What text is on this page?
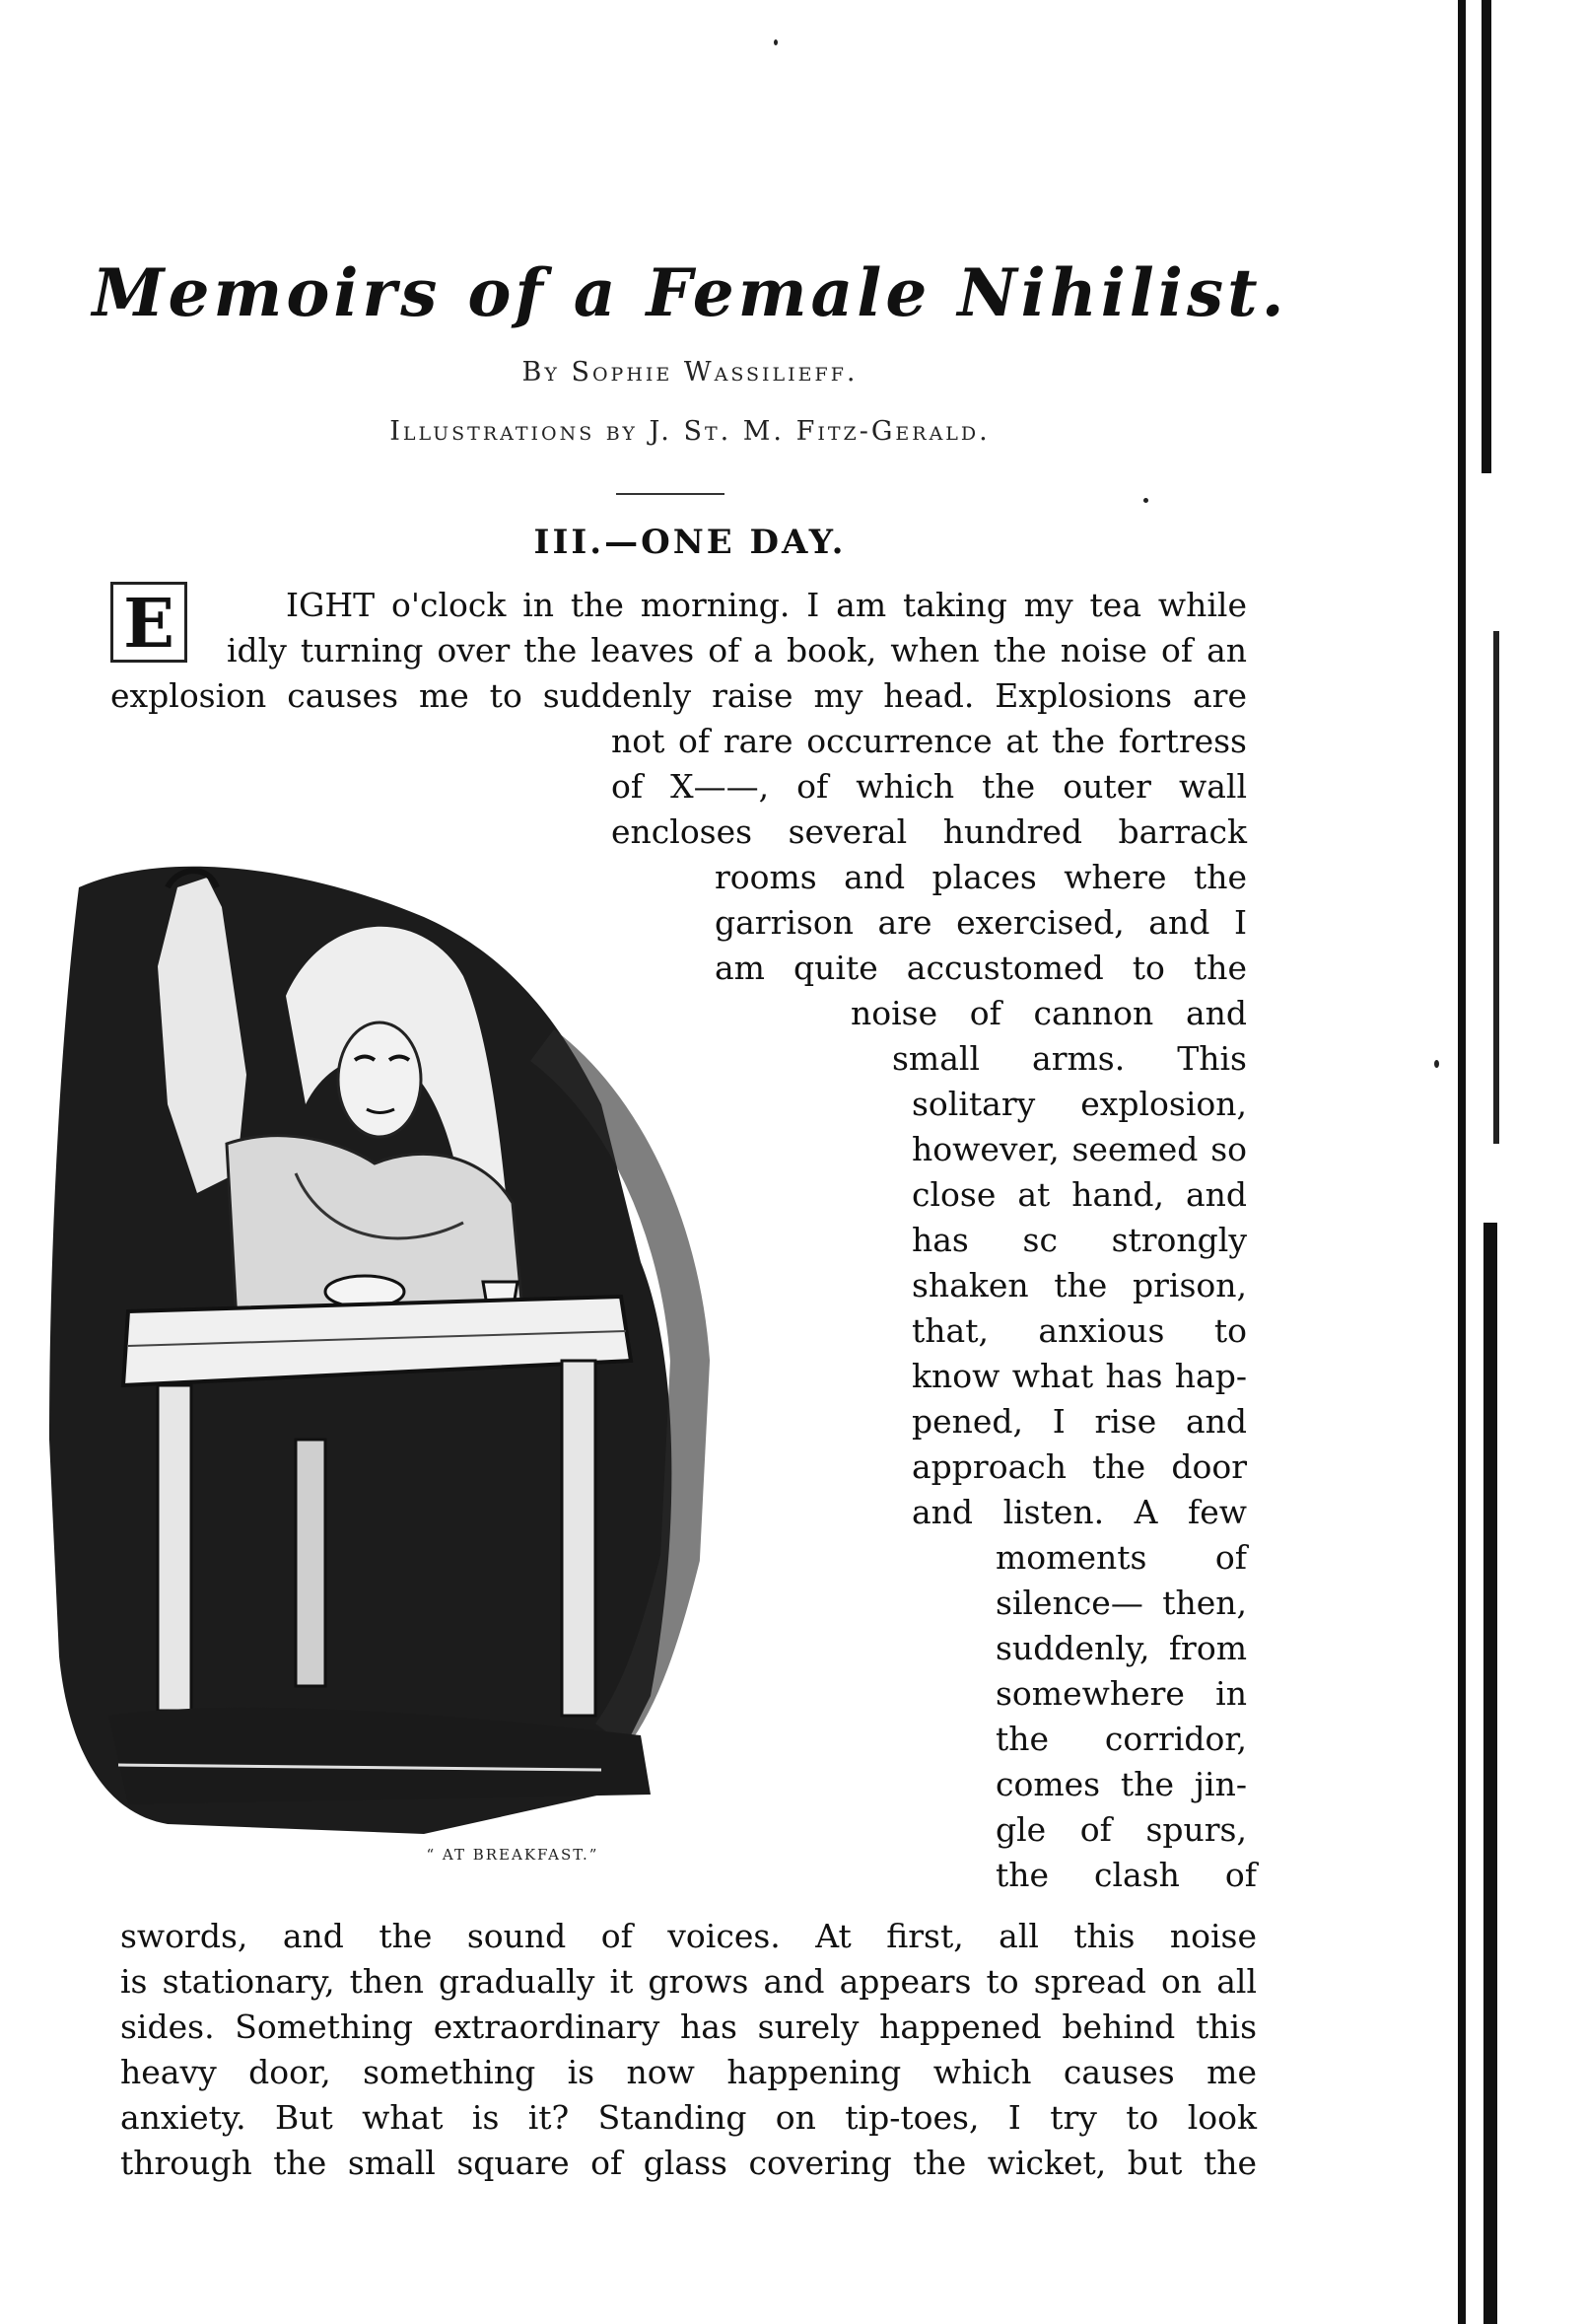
Memoirs of a Female Nihilist.

By Sophie Wassilieff.

Illustrations by J. St. M. Fitz-Gerald.

III.—ONE DAY.
E	IGHT o'clock in the morning. I am taking my tea while
idly turning over the leaves of a book, when the noise of an
explosion causes me to suddenly raise my head. Explosions are
not of rare occurrence at the fortress
of X——, of which the outer wall
encloses several hundred barrack
rooms and places where the
garrison are exercised, and I
am quite accustomed to the
noise of cannon and
small arms. This
solitary explosion,
however, seemed so
close at hand, and
has sc strongly
shaken the prison,
that, anxious to
know what has hap-
pened, I rise and
approach the door
and listen. A few
moments of
silence— then,
suddenly, from
somewhere in
the corridor,
comes the jin-
gle of spurs,
the clash of
swords, and the sound of voices. At first, all this noise
is stationary, then gradually it grows and appears to spread on all
sides. Something extraordinary has surely happened behind this
heavy door, something is now happening which causes me
anxiety. But what is it? Standing on tip-toes, I try to look
through the small square of glass covering the wicket, but the
“ AT BREAKFAST.”
